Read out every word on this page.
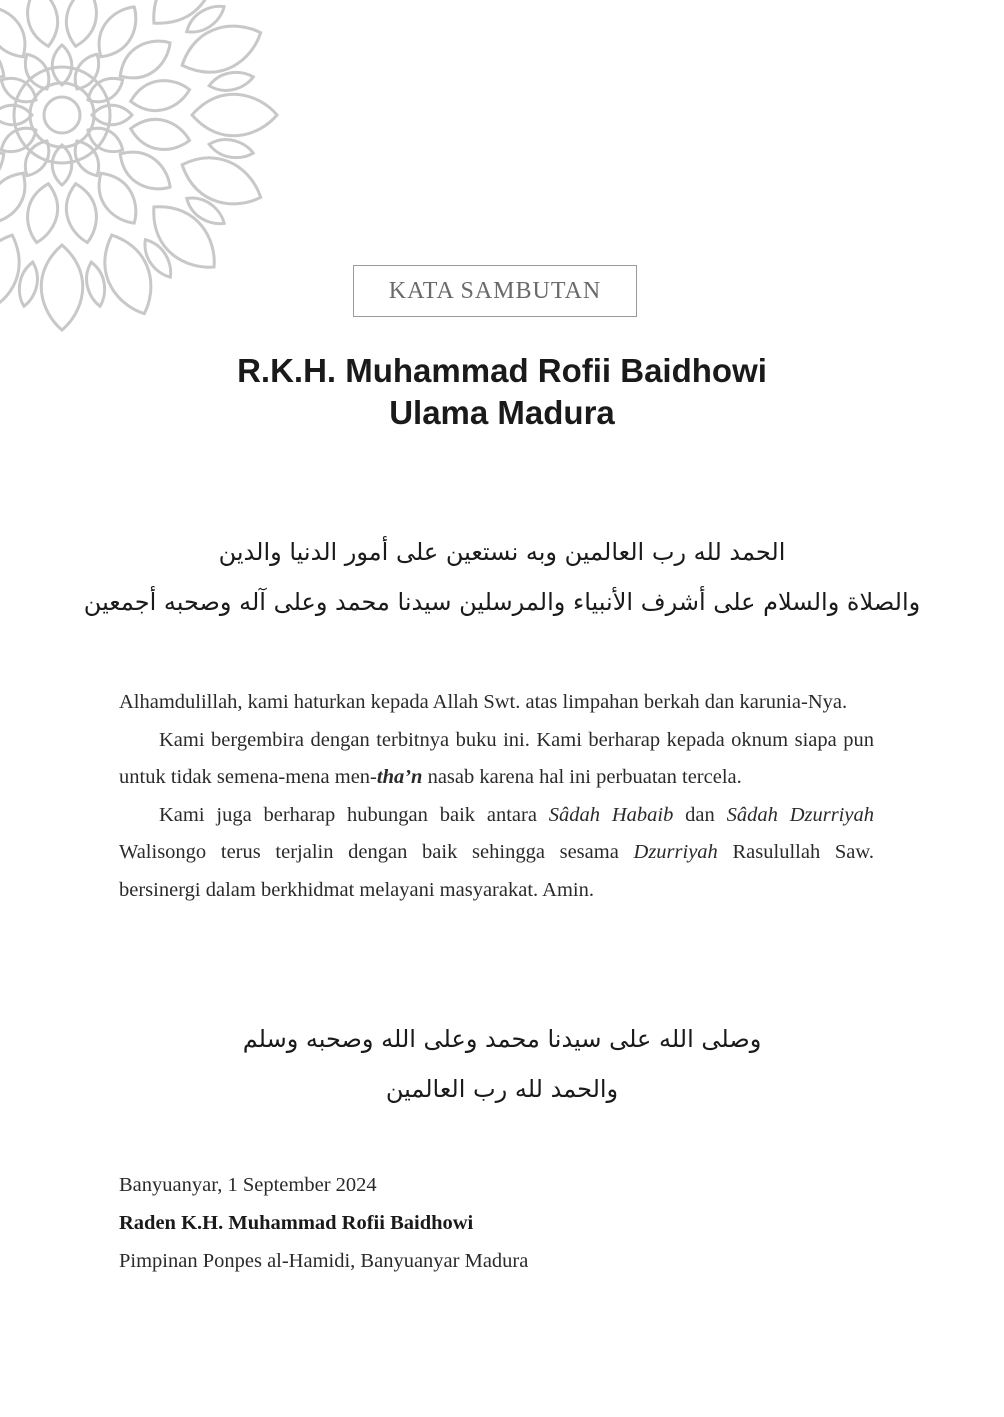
KATA SAMBUTAN
R.K.H. Muhammad Rofii Baidhowi
Ulama Madura
الحمد لله رب العالمين وبه نستعين على أمور الدنيا والدين
والصلاة والسلام على أشرف الأنبياء والمرسلين سيدنا محمد وعلى آله وصحبه أجمعين

Alhamdulillah, kami haturkan kepada Allah Swt. atas limpahan berkah dan karunia-Nya.

Kami bergembira dengan terbitnya buku ini. Kami berharap kepada oknum siapa pun untuk tidak semena-mena men-tha’n nasab karena hal ini perbuatan tercela.

Kami juga berharap hubungan baik antara Sâdah Habaib dan Sâdah Dzurriyah Walisongo terus terjalin dengan baik sehingga sesama Dzurriyah Rasulullah Saw. bersinergi dalam berkhidmat melayani masyarakat. Amin.

وصلى الله على سيدنا محمد وعلى الله وصحبه وسلم
والحمد لله رب العالمين
Banyuanyar, 1 September 2024
Raden K.H. Muhammad Rofii Baidhowi
Pimpinan Ponpes al-Hamidi, Banyuanyar Madura
